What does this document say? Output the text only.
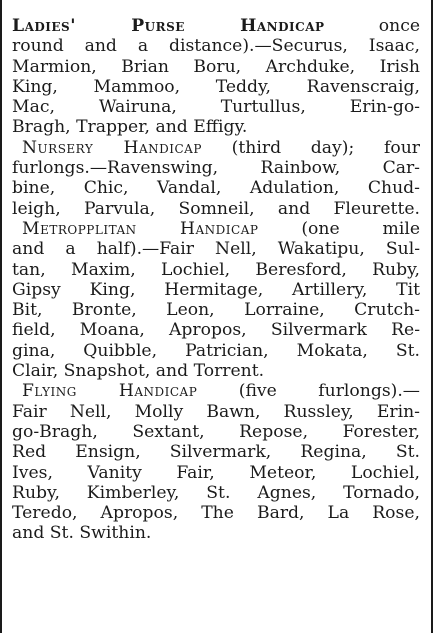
Ladies' Purse Handicap once
round and a distance).—Securus, Isaac,
Marmion, Brian Boru, Archduke, Irish
King, Mammoo, Teddy, Ravenscraig,
Mac, Wairuna, Turtullus, Erin-go-
Bragh, Trapper, and Effigy.

Nursery Handicap (third day); four
furlongs.—Ravenswing, Rainbow, Car-
bine, Chic, Vandal, Adulation, Chud-
leigh, Parvula, Somneil, and Fleurette.

Metropplitan Handicap (one mile
and a half).—Fair Nell, Wakatipu, Sul-
tan, Maxim, Lochiel, Beresford, Ruby,
Gipsy King, Hermitage, Artillery, Tit
Bit, Bronte, Leon, Lorraine, Crutch-
field, Moana, Apropos, Silvermark Re-
gina, Quibble, Patrician, Mokata, St.
Clair, Snapshot, and Torrent.

Flying Handicap (five furlongs).—
Fair Nell, Molly Bawn, Russley, Erin-
go-Bragh, Sextant, Repose, Forester,
Red Ensign, Silvermark, Regina, St.
Ives, Vanity Fair, Meteor, Lochiel,
Ruby, Kimberley, St. Agnes, Tornado,
Teredo, Apropos, The Bard, La Rose,
and St. Swithin.
